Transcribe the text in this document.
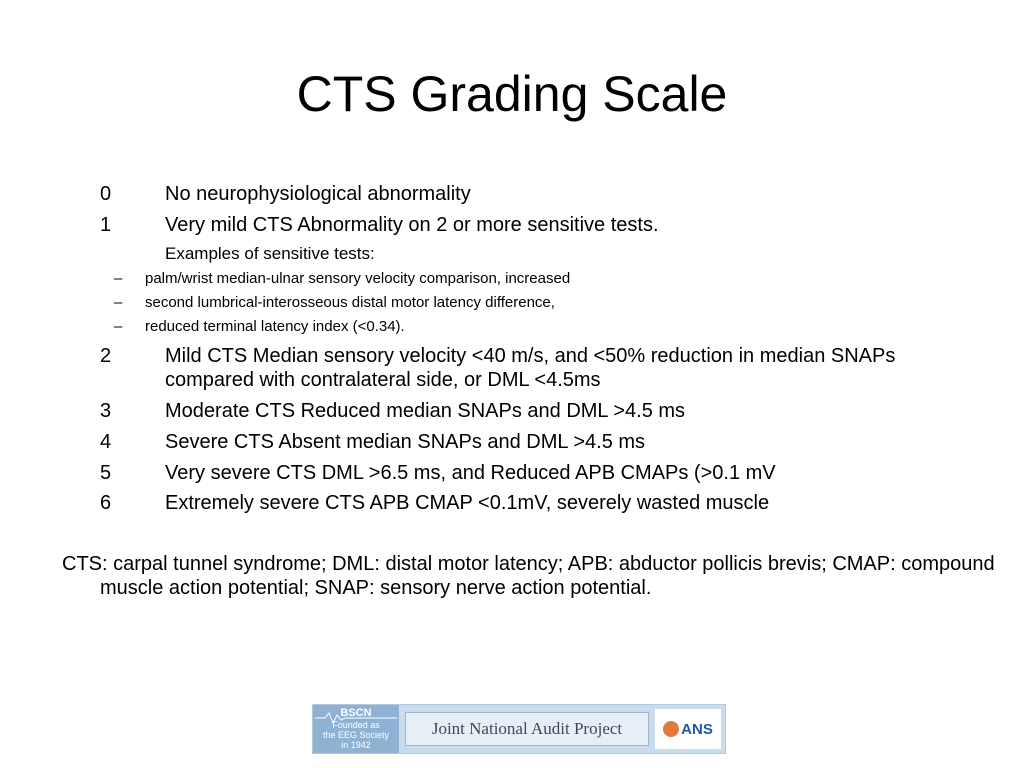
CTS Grading Scale
0	No neurophysiological abnormality
1	Very mild CTS Abnormality on 2 or more sensitive tests.
Examples of sensitive tests:
– palm/wrist median-ulnar sensory velocity comparison, increased
– second lumbrical-interosseous distal motor latency difference,
– reduced terminal latency index (<0.34).
2	Mild CTS Median sensory velocity <40 m/s, and <50% reduction in median SNAPs compared with contralateral side, or DML <4.5ms
3	Moderate CTS Reduced median SNAPs and DML >4.5 ms
4	Severe CTS Absent median SNAPs and DML >4.5 ms
5	Very severe CTS DML >6.5 ms, and Reduced APB CMAPs (>0.1 mV
6	Extremely severe CTS APB CMAP <0.1mV, severely wasted muscle
CTS: carpal tunnel syndrome; DML: distal motor latency; APB: abductor pollicis brevis; CMAP: compound muscle action potential; SNAP: sensory nerve action potential.
BSCN
Founded as
the EEG Society
in 1942
Joint National Audit Project	ANS
